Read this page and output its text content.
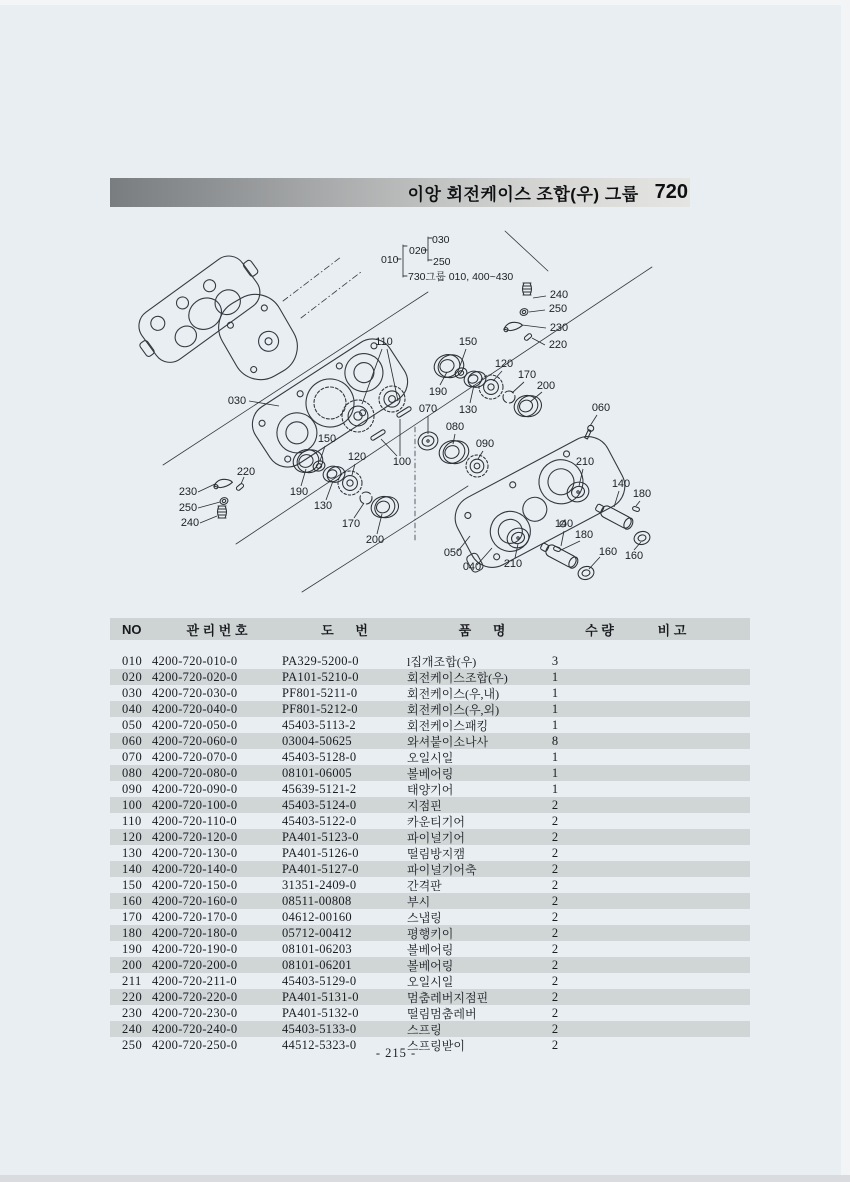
이앙 회전케이스 조합(우) 그룹 720
030
110	150
190
130
120
170
200
070
080
090
100
060
210
140
180
160
150
120
190
130
170
200
220
230
250
240
050
040 210
140
180
160
240
250
230
220
010
020
030
250
730그룹 010, 400~430
NO	관 리 번 호	도      번	품      명	수 량	비 고
010 4200-720-010-0	PA329-5200-0	l집개조합(우)	3
020 4200-720-020-0	PA101-5210-0	회전케이스조합(우)	1
030 4200-720-030-0	PF801-5211-0	회전케이스(우,내)	1
040 4200-720-040-0	PF801-5212-0	회전케이스(우,외)	1
050 4200-720-050-0	45403-5113-2	회전케이스패킹	1
060 4200-720-060-0	03004-50625	와셔붙이소나사	8
070 4200-720-070-0	45403-5128-0	오일시일	1
080 4200-720-080-0	08101-06005	볼베어링	1
090 4200-720-090-0	45639-5121-2	태양기어	1
100 4200-720-100-0	45403-5124-0	지점핀	2
110 4200-720-110-0	45403-5122-0	카운티기어	2
120 4200-720-120-0	PA401-5123-0	파이널기어	2
130 4200-720-130-0	PA401-5126-0	떨림방지캠	2
140 4200-720-140-0	PA401-5127-0	파이널기어축	2
150 4200-720-150-0	31351-2409-0	간격판	2
160 4200-720-160-0	08511-00808	부시	2
170 4200-720-170-0	04612-00160	스냅링	2
180 4200-720-180-0	05712-00412	평행키이	2
190 4200-720-190-0	08101-06203	볼베어링	2
200 4200-720-200-0	08101-06201	볼베어링	2
211 4200-720-211-0	45403-5129-0	오일시일	2
220 4200-720-220-0	PA401-5131-0	멈춤레버지점핀	2
230 4200-720-230-0	PA401-5132-0	떨림멈춤레버	2
240 4200-720-240-0	45403-5133-0	스프링	2
250 4200-720-250-0	44512-5323-0	스프링받이	2
- 215 -
